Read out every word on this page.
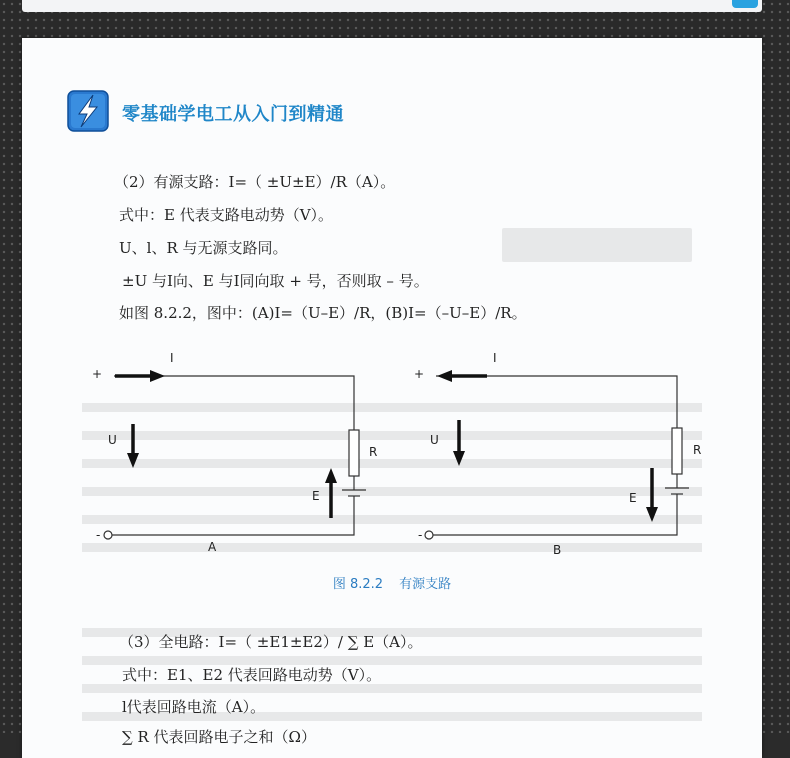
零基础学电工从入门到精通
（2）有源支路：I=（ ±U±E）/R（A）。
式中：E 代表支路电动势（V）。
U、l、R 与无源支路同。
±U 与Ⅰ向、E 与Ⅰ同向取 + 号，否则取 – 号。
如图 8.2.2，图中：(A)I=（U–E）/R，(B)I=（–U–E）/R。
+
I
U
R
E
-
A
+
I
U
R
E
-
B
图 8.2.2 有源支路
（3）全电路：I=（ ±E1±E2）/ ∑ E（A）。
式中：E1、E2 代表回路电动势（V）。
l代表回路电流（A）。
∑ R 代表回路电子之和（Ω）
